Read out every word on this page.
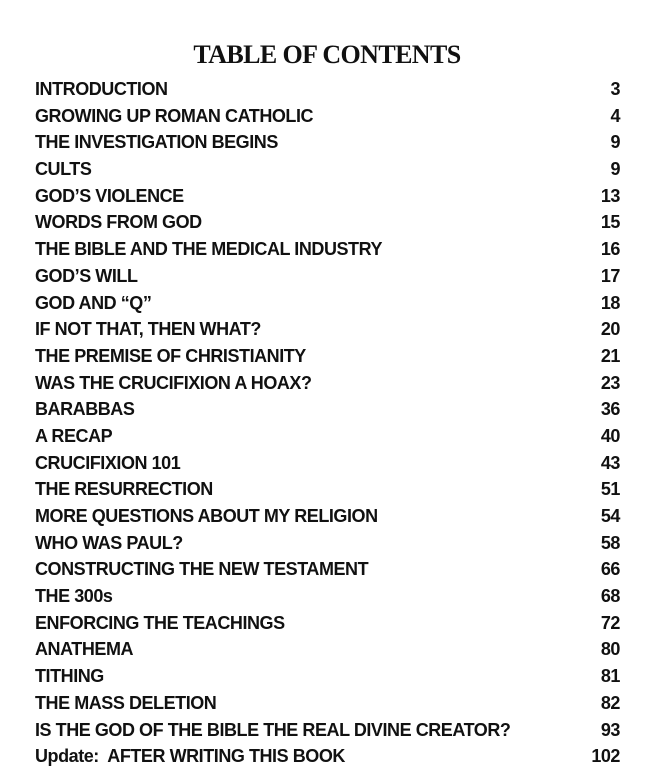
TABLE OF CONTENTS
INTRODUCTION	3
GROWING UP ROMAN CATHOLIC	4
THE INVESTIGATION BEGINS	9
CULTS	9
GOD’S VIOLENCE	13
WORDS FROM GOD	15
THE BIBLE AND THE MEDICAL INDUSTRY	16
GOD’S WILL	17
GOD AND “Q”	18
IF NOT THAT, THEN WHAT?	20
THE PREMISE OF CHRISTIANITY	21
WAS THE CRUCIFIXION A HOAX?	23
BARABBAS	36
A RECAP	40
CRUCIFIXION 101	43
THE RESURRECTION	51
MORE QUESTIONS ABOUT MY RELIGION	54
WHO WAS PAUL?	58
CONSTRUCTING THE NEW TESTAMENT	66
THE 300s	68
ENFORCING THE TEACHINGS	72
ANATHEMA	80
TITHING	81
THE MASS DELETION	82
IS THE GOD OF THE BIBLE THE REAL DIVINE CREATOR?	93
Update:  AFTER WRITING THIS BOOK	102
